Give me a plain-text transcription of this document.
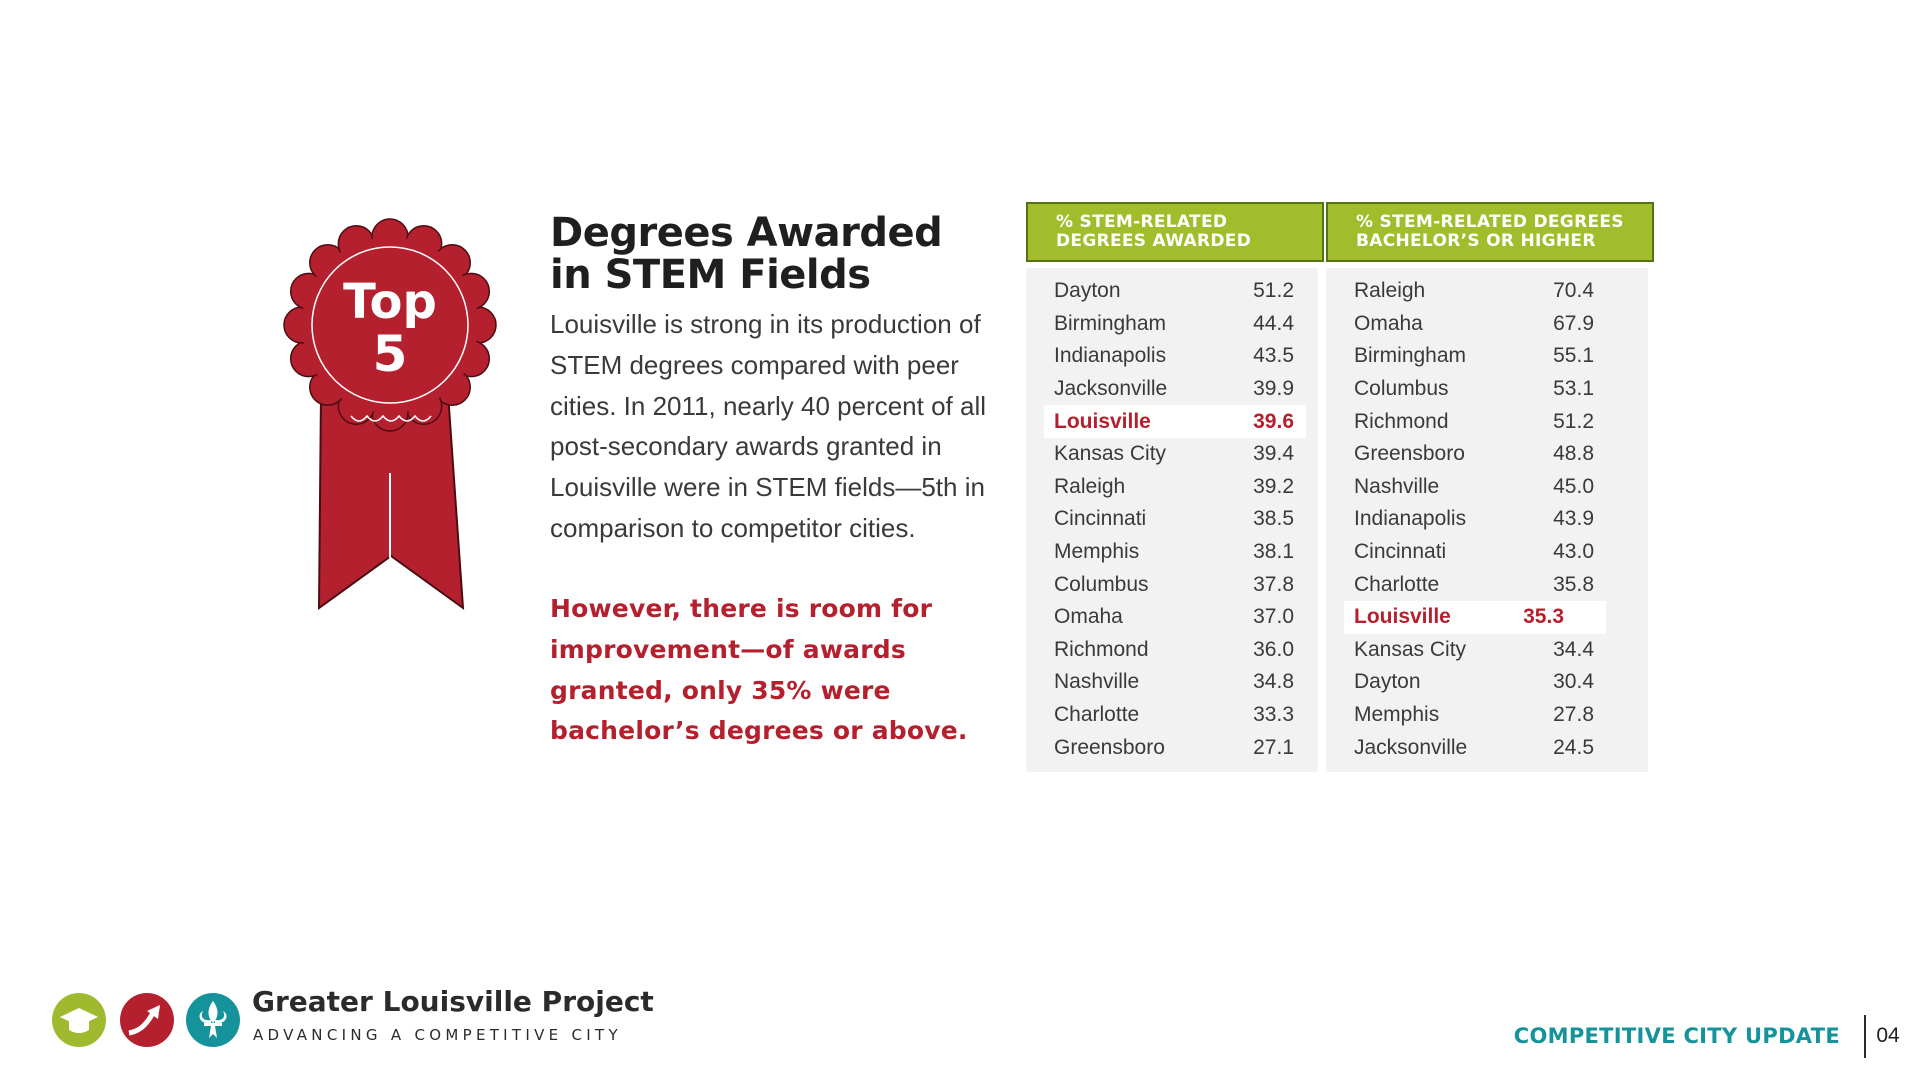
Top
5
Degrees Awarded
in STEM Fields

Louisville is strong in its production of STEM degrees compared with peer cities. In 2011, nearly 40 percent of all post-secondary awards granted in Louisville were in STEM fields—5th in comparison to competitor cities.

However, there is room for improvement—of awards granted, only 35% were bachelor’s degrees or above.

% STEM-RELATED
DEGREES AWARDED
Dayton	51.2
Birmingham	44.4
Indianapolis	43.5
Jacksonville	39.9
Louisville	39.6
Kansas City	39.4
Raleigh	39.2
Cincinnati	38.5
Memphis	38.1
Columbus	37.8
Omaha	37.0
Richmond	36.0
Nashville	34.8
Charlotte	33.3
Greensboro	27.1
% STEM-RELATED DEGREES
BACHELOR’S OR HIGHER
Raleigh	70.4
Omaha	67.9
Birmingham	55.1
Columbus	53.1
Richmond	51.2
Greensboro	48.8
Nashville	45.0
Indianapolis	43.9
Cincinnati	43.0
Charlotte	35.8
Louisville	35.3
Kansas City	34.4
Dayton	30.4
Memphis	27.8
Jacksonville	24.5
Greater Louisville Project
ADVANCING A COMPETITIVE CITY	COMPETITIVE CITY UPDATE	04
